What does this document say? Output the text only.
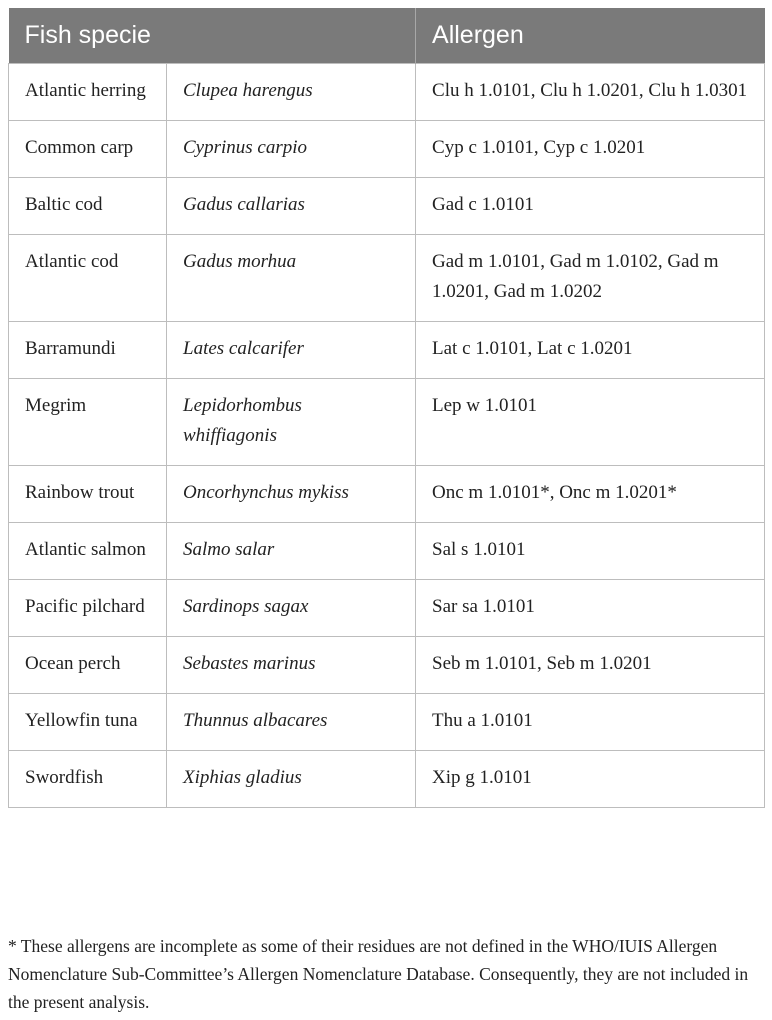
Fish specie		Allergen
Atlantic herring	Clupea harengus	Clu h 1.0101, Clu h 1.0201, Clu h 1.0301
Common carp	Cyprinus carpio	Cyp c 1.0101, Cyp c 1.0201
Baltic cod	Gadus callarias	Gad c 1.0101
Atlantic cod	Gadus morhua	Gad m 1.0101, Gad m 1.0102, Gad m 1.0201, Gad m 1.0202
Barramundi	Lates calcarifer	Lat c 1.0101, Lat c 1.0201
Megrim	Lepidorhombus whiffiagonis	Lep w 1.0101
Rainbow trout	Oncorhynchus mykiss	Onc m 1.0101*, Onc m 1.0201*
Atlantic salmon	Salmo salar	Sal s 1.0101
Pacific pilchard	Sardinops sagax	Sar sa 1.0101
Ocean perch	Sebastes marinus	Seb m 1.0101, Seb m 1.0201
Yellowfin tuna	Thunnus albacares	Thu a 1.0101
Swordfish	Xiphias gladius	Xip g 1.0101

* These allergens are incomplete as some of their residues are not defined in the WHO/IUIS Allergen Nomenclature Sub-Committee’s Allergen Nomenclature Database. Consequently, they are not included in the present analysis.
